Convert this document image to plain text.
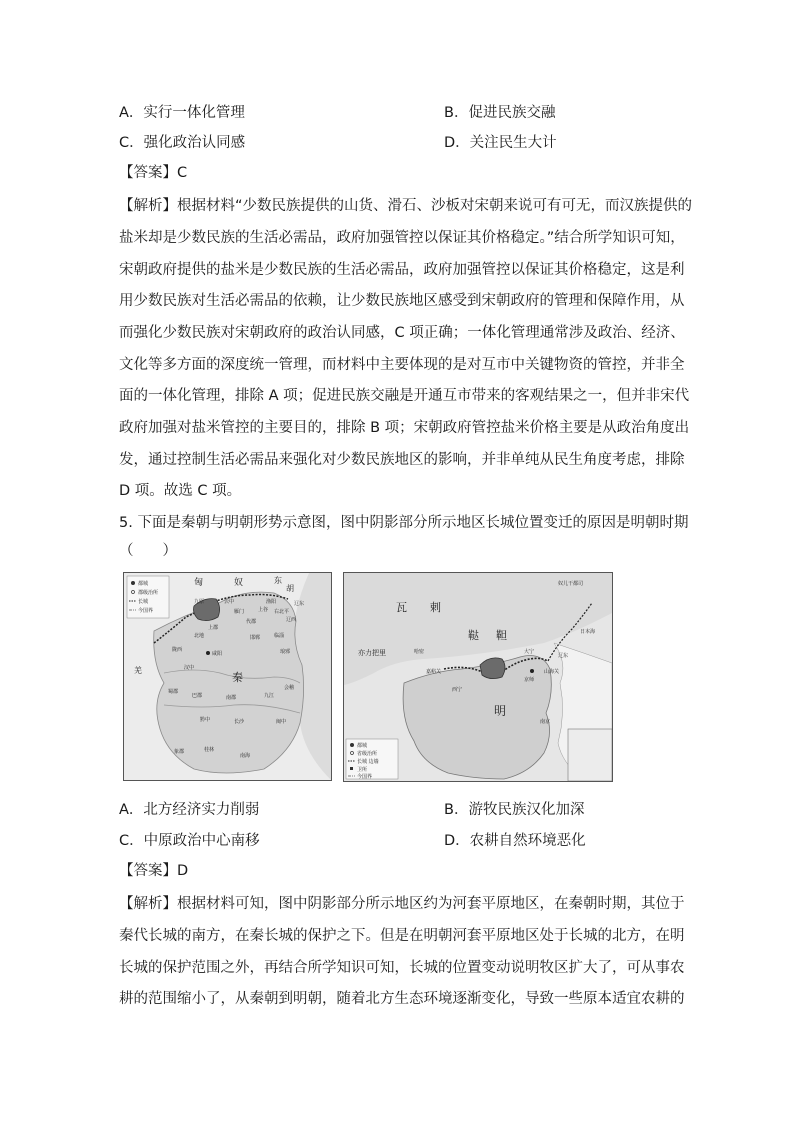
A．实行一体化管理	B．促进民族交融
C．强化政治认同感	D．关注民生大计
【答案】C
【解析】根据材料“少数民族提供的山货、滑石、沙板对宋朝来说可有可无，而汉族提供的
盐米却是少数民族的生活必需品，政府加强管控以保证其价格稳定。”结合所学知识可知，
宋朝政府提供的盐米是少数民族的生活必需品，政府加强管控以保证其价格稳定，这是利
用少数民族对生活必需品的依赖，让少数民族地区感受到宋朝政府的管理和保障作用，从
而强化少数民族对宋朝政府的政治认同感，C 项正确；一体化管理通常涉及政治、经济、
文化等多方面的深度统一管理，而材料中主要体现的是对互市中关键物资的管控，并非全
面的一体化管理，排除 A 项；促进民族交融是开通互市带来的客观结果之一，但并非宋代
政府加强对盐米管控的主要目的，排除 B 项；宋朝政府管控盐米价格主要是从政治角度出
发，通过控制生活必需品来强化对少数民族地区的影响，并非单纯从民生角度考虑，排除
D 项。故选 C 项。
5. 下面是秦朝与明朝形势示意图，图中阴影部分所示地区长城位置变迁的原因是明朝时期
（　　）
都城
郡级治所
长城
今国界
匈	奴	东
胡
秦
九原	云中
雁门
代郡
上谷
渔阳
右北平
辽西
辽东
陇西
北地
上郡
咸阳
邯郸	临淄
琅邪
汉中
巴郡
蜀郡
南郡
长沙
九江
会稽
闽中
南海
桂林
象郡
黔中
羌
都城
省级治所
长城 边墙
卫所
今国界
瓦 剌
鞑 靼
明
亦力把里	哈密
嘉峪关	山海关
京师
奴儿干都司
西宁
南京
日本海
大宁
辽东
A．北方经济实力削弱	B．游牧民族汉化加深
C．中原政治中心南移	D．农耕自然环境恶化
【答案】D
【解析】根据材料可知，图中阴影部分所示地区约为河套平原地区，在秦朝时期，其位于
秦代长城的南方，在秦长城的保护之下。但是在明朝河套平原地区处于长城的北方，在明
长城的保护范围之外，再结合所学知识可知，长城的位置变动说明牧区扩大了，可从事农
耕的范围缩小了，从秦朝到明朝，随着北方生态环境逐渐变化，导致一些原本适宜农耕的
